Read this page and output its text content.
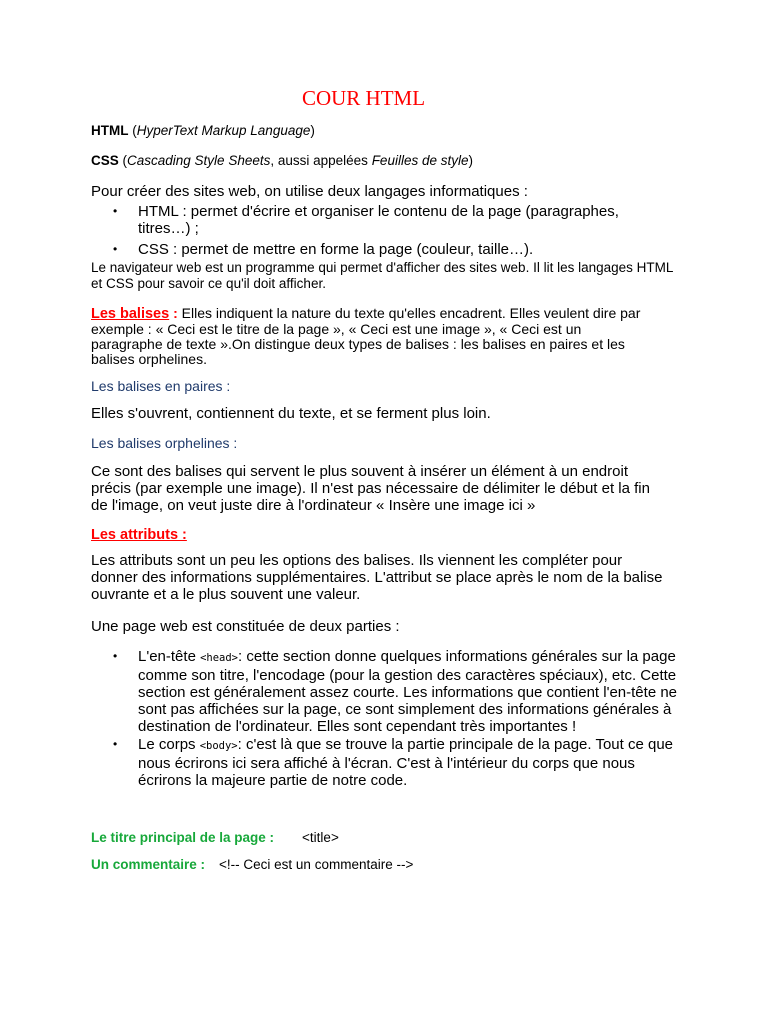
COUR HTML

HTML (HyperText Markup Language)

CSS (Cascading Style Sheets, aussi appelées Feuilles de style)

Pour créer des sites web, on utilise deux langages informatiques :

• HTML : permet d'écrire et organiser le contenu de la page (paragraphes, titres…) ;
• CSS : permet de mettre en forme la page (couleur, taille…).

Le navigateur web est un programme qui permet d'afficher des sites web. Il lit les langages HTML et CSS pour savoir ce qu'il doit afficher.

Les balises : Elles indiquent la nature du texte qu'elles encadrent. Elles veulent dire par exemple : « Ceci est le titre de la page », « Ceci est une image », « Ceci est un paragraphe de texte ».On distingue deux types de balises : les balises en paires et les balises orphelines.

Les balises en paires :

Elles s'ouvrent, contiennent du texte, et se ferment plus loin.

Les balises orphelines :

Ce sont des balises qui servent le plus souvent à insérer un élément à un endroit précis (par exemple une image). Il n'est pas nécessaire de délimiter le début et la fin de l'image, on veut juste dire à l'ordinateur « Insère une image ici »

Les attributs :

Les attributs sont un peu les options des balises. Ils viennent les compléter pour donner des informations supplémentaires. L'attribut se place après le nom de la balise ouvrante et a le plus souvent une valeur.

Une page web est constituée de deux parties :

• L'en-tête <head>: cette section donne quelques informations générales sur la page comme son titre, l'encodage (pour la gestion des caractères spéciaux), etc. Cette section est généralement assez courte. Les informations que contient l'en-tête ne sont pas affichées sur la page, ce sont simplement des informations générales à destination de l'ordinateur. Elles sont cependant très importantes !
• Le corps <body>: c'est là que se trouve la partie principale de la page. Tout ce que nous écrirons ici sera affiché à l'écran. C'est à l'intérieur du corps que nous écrirons la majeure partie de notre code.

Le titre principal de la page : <title>

Un commentaire : <!-- Ceci est un commentaire -->
